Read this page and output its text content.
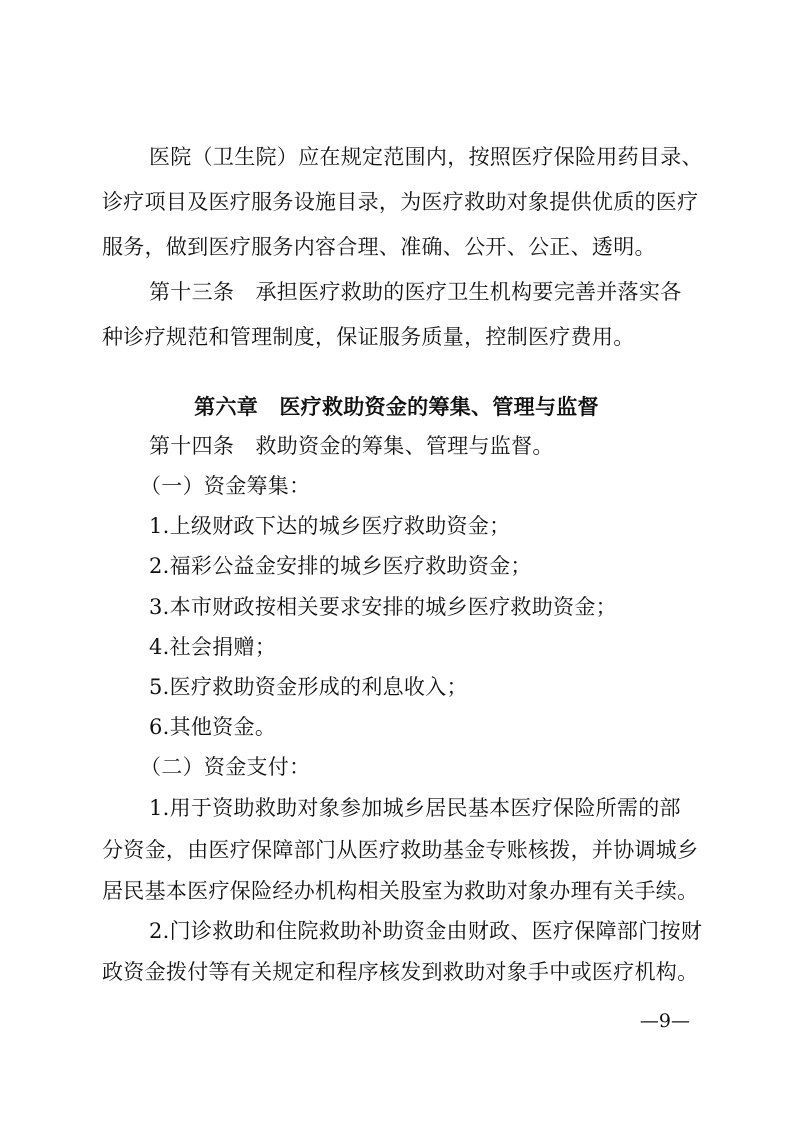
医院（卫生院）应在规定范围内，按照医疗保险用药目录、
诊疗项目及医疗服务设施目录，为医疗救助对象提供优质的医疗
服务，做到医疗服务内容合理、准确、公开、公正、透明。
第十三条　承担医疗救助的医疗卫生机构要完善并落实各
种诊疗规范和管理制度，保证服务质量，控制医疗费用。
第六章　医疗救助资金的筹集、管理与监督
第十四条　救助资金的筹集、管理与监督。
（一）资金筹集：
1.上级财政下达的城乡医疗救助资金；
2.福彩公益金安排的城乡医疗救助资金；
3.本市财政按相关要求安排的城乡医疗救助资金；
4.社会捐赠；
5.医疗救助资金形成的利息收入；
6.其他资金。
（二）资金支付：
1.用于资助救助对象参加城乡居民基本医疗保险所需的部
分资金，由医疗保障部门从医疗救助基金专账核拨，并协调城乡
居民基本医疗保险经办机构相关股室为救助对象办理有关手续。
2.门诊救助和住院救助补助资金由财政、医疗保障部门按财
政资金拨付等有关规定和程序核发到救助对象手中或医疗机构。
—9—
